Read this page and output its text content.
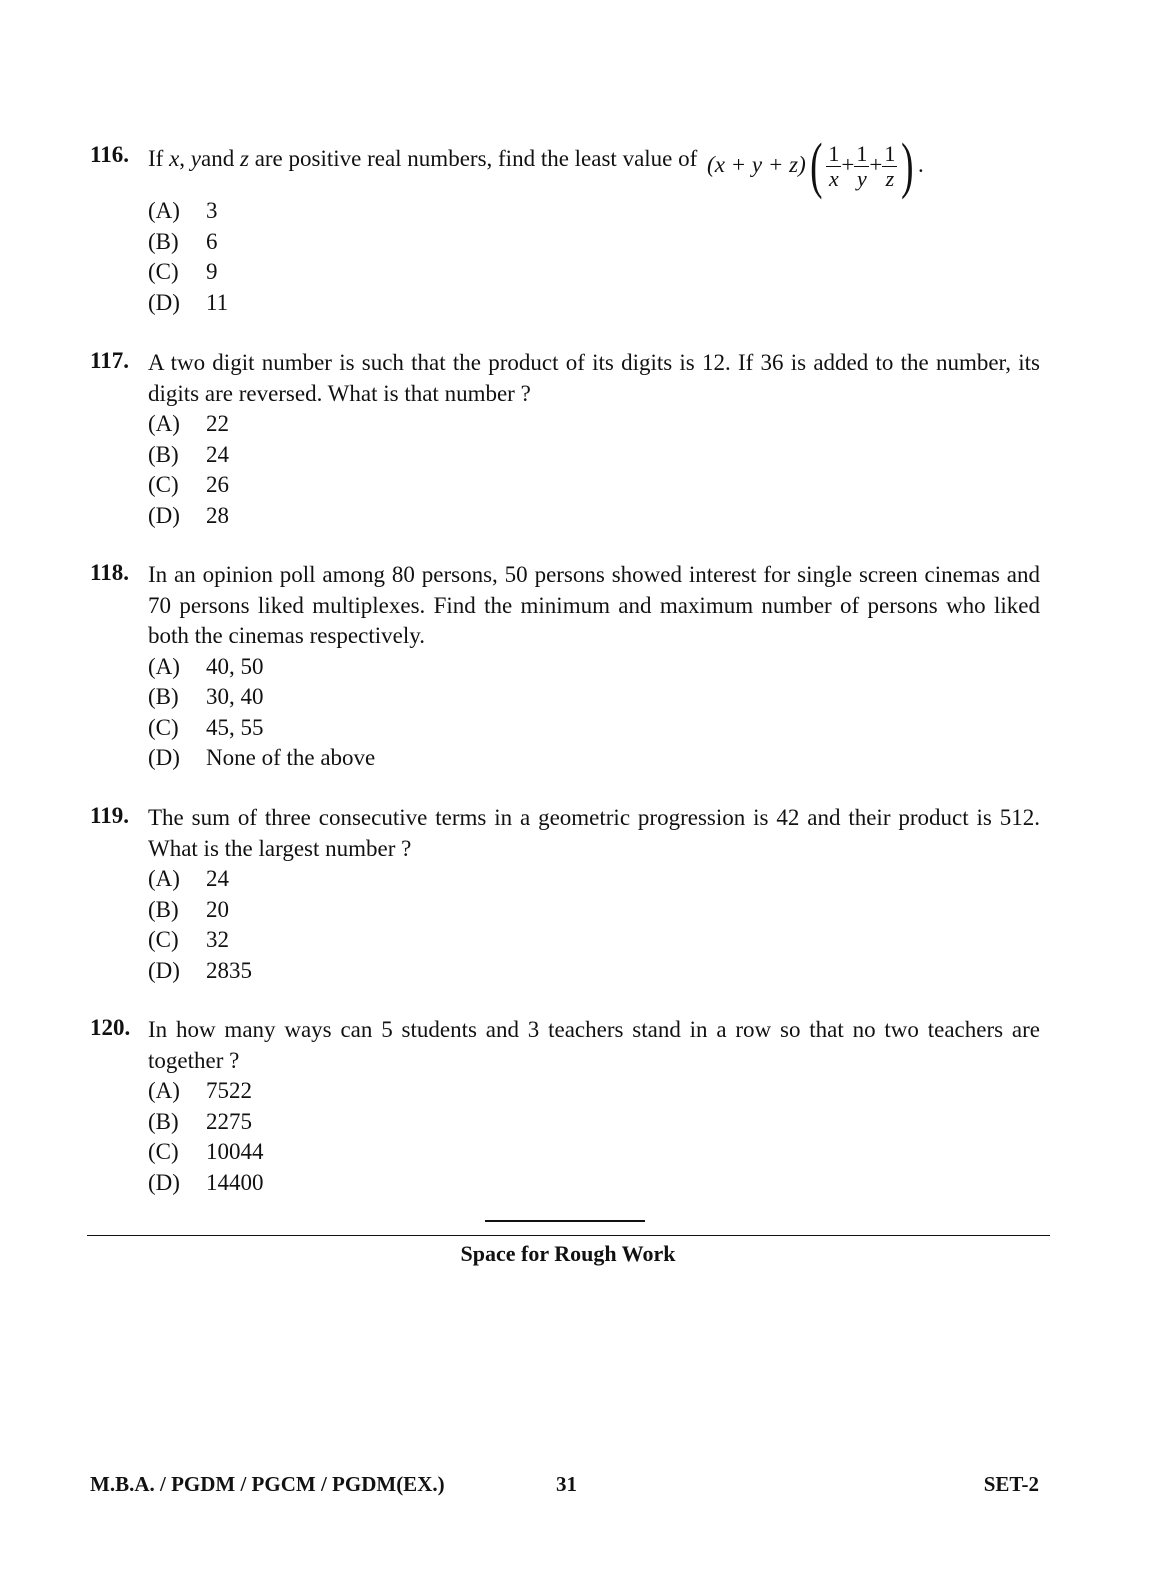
116. If x, yand z are positive real numbers, find the least value of $(x + y + z)( \frac{1}{x} + \frac{1}{y} + \frac{1}{z}$ ) .
(A) 3
(B) 6
(C) 9
(D) 11
117. A two digit number is such that the product of its digits is 12. If 36 is added to the number, its digits are reversed. What is that number ?
(A) 22
(B) 24
(C) 26
(D) 28
118. In an opinion poll among 80 persons, 50 persons showed interest for single screen cinemas and 70 persons liked multiplexes. Find the minimum and maximum number of persons who liked both the cinemas respectively.
(A) 40, 50
(B) 30, 40
(C) 45, 55
(D) None of the above
119. The sum of three consecutive terms in a geometric progression is 42 and their product is 512. What is the largest number ?
(A) 24
(B) 20
(C) 32
(D) 2835
120. In how many ways can 5 students and 3 teachers stand in a row so that no two teachers are together ?
(A) 7522
(B) 2275
(C) 10044
(D) 14400
Space for Rough Work
M.B.A. / PGDM / PGCM / PGDM(EX.)	31	SET-2
